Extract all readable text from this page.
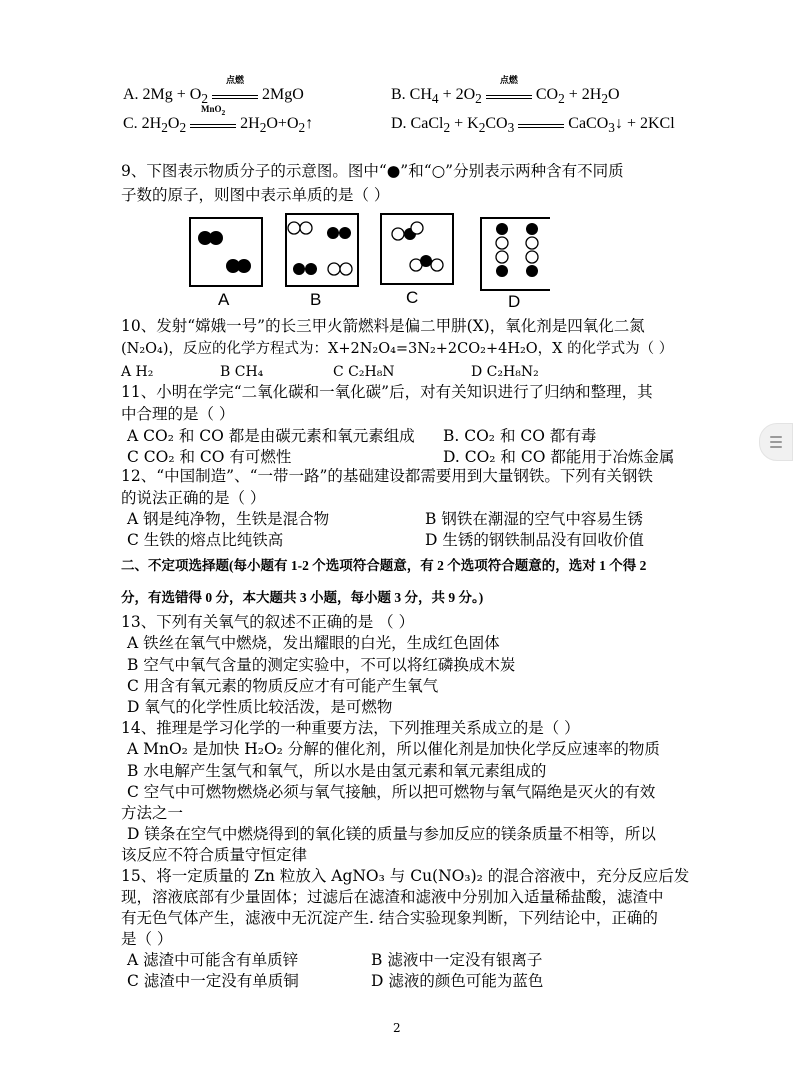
A. $2Mg + O_2$
点燃
2MgO	B. $CH_4 + 2O_2$
点燃
$CO_2 + 2H_2O$
C. $2H_2O_2$
MnO$_2$
$2H_2O+O_2↑$	D. CaCl$_2$ + $K_2CO_3$	CaCO$_3$↓ + 2KCl
9、下图表示物质分子的示意图。图中“●”和“○”分别表示两种含有不同质
子数的原子，则图中表示单质的是（ ）
A	B	C	D
10、发射“嫦娥一号”的长三甲火箭燃料是偏二甲肼(X)，氧化剂是四氧化二氮
(N₂O₄)，反应的化学方程式为：X+2N₂O₄=3N₂+2CO₂+4H₂O，X 的化学式为（ ）
A H₂	B CH₄	C C₂H₈N	D C₂H₈N₂
11、小明在学完“二氧化碳和一氧化碳”后，对有关知识进行了归纳和整理，其
中合理的是（ ）
A CO₂ 和 CO 都是由碳元素和氧元素组成 B. CO₂ 和 CO 都有毒
C CO₂ 和 CO 有可燃性	D. CO₂ 和 CO 都能用于冶炼金属
12、“中国制造”、“一带一路”的基础建设都需要用到大量钢铁。下列有关钢铁
的说法正确的是（ ）
A 钢是纯净物，生铁是混合物	B 钢铁在潮湿的空气中容易生锈
C 生铁的熔点比纯铁高	D 生锈的钢铁制品没有回收价值
二、不定项选择题(每小题有 1-2 个选项符合题意，有 2 个选项符合题意的，选对 1 个得 2
分，有选错得 0 分，本大题共 3 小题，每小题 3 分，共 9 分。)
13、下列有关氧气的叙述不正确的是 （ ）
A 铁丝在氧气中燃烧，发出耀眼的白光，生成红色固体
B 空气中氧气含量的测定实验中，不可以将红磷换成木炭
C 用含有氧元素的物质反应才有可能产生氧气
D 氧气的化学性质比较活泼，是可燃物
14、推理是学习化学的一种重要方法，下列推理关系成立的是（ ）
A MnO₂ 是加快 H₂O₂ 分解的催化剂，所以催化剂是加快化学反应速率的物质
B 水电解产生氢气和氧气，所以水是由氢元素和氧元素组成的
C 空气中可燃物燃烧必须与氧气接触，所以把可燃物与氧气隔绝是灭火的有效
方法之一
D 镁条在空气中燃烧得到的氧化镁的质量与参加反应的镁条质量不相等，所以
该反应不符合质量守恒定律
15、将一定质量的 Zn 粒放入 AgNO₃ 与 Cu(NO₃)₂ 的混合溶液中，充分反应后发
现，溶液底部有少量固体；过滤后在滤渣和滤液中分别加入适量稀盐酸，滤渣中
有无色气体产生，滤液中无沉淀产生. 结合实验现象判断，下列结论中，正确的
是（ ）
A 滤渣中可能含有单质锌	B 滤液中一定没有银离子
C 滤渣中一定没有单质铜	D 滤液的颜色可能为蓝色
2
